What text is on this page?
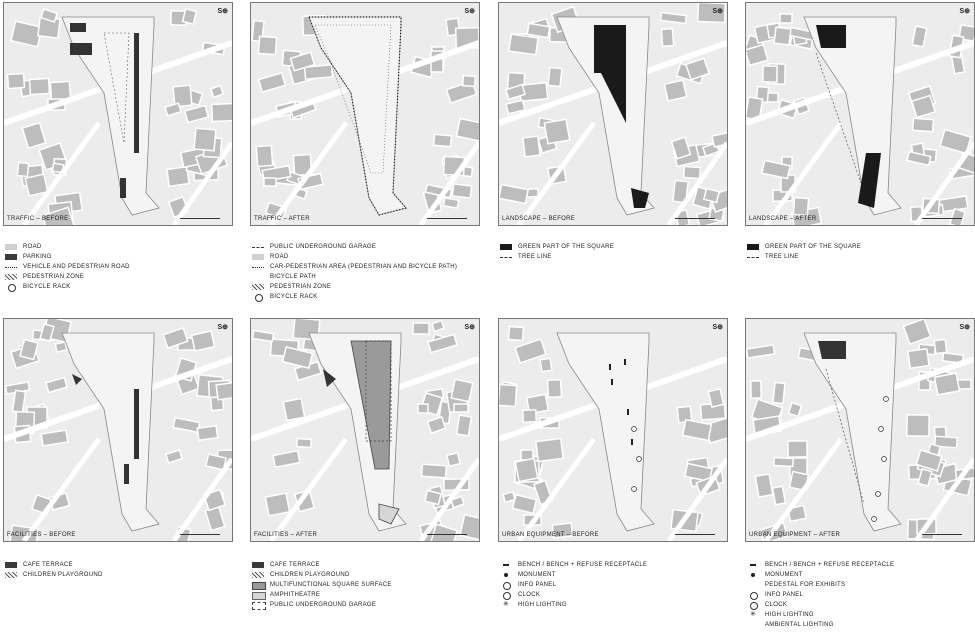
S⊕
TRAFFIC – BEFORE
S⊕
TRAFFIC – AFTER
S⊕
LANDSCAPE – BEFORE
S⊕
LANDSCAPE – AFTER
S⊕
FACILITIES – BEFORE
S⊕
FACILITIES – AFTER
S⊕
URBAN EQUIPMENT – BEFORE
S⊕
URBAN EQUIPMENT – AFTER
ROAD
PARKING
VEHICLE AND PEDESTRIAN ROAD
PEDESTRIAN ZONE
BICYCLE RACK
PUBLIC UNDERGROUND GARAGE
ROAD
CAR-PEDESTRIAN AREA (PEDESTRIAN AND BICYCLE PATH)
BICYCLE PATH
PEDESTRIAN ZONE
BICYCLE RACK
GREEN PART OF THE SQUARE
TREE LINE
GREEN PART OF THE SQUARE
TREE LINE
CAFE TERRACE
CHILDREN PLAYGROUND
CAFE TERRACE
CHILDREN PLAYGROUND
MULTIFUNCTIONAL SQUARE SURFACE
AMPHITHEATRE
PUBLIC UNDERGROUND GARAGE
BENCH / BENCH + REFUSE RECEPTACLE
MONUMENT
INFO PANEL
CLOCK
✳ HIGH LIGHTING
BENCH / BENCH + REFUSE RECEPTACLE
MONUMENT
PEDESTAL FOR EXHIBITS
INFO PANEL
CLOCK
✳ HIGH LIGHTING
AMBIENTAL LIGHTING
